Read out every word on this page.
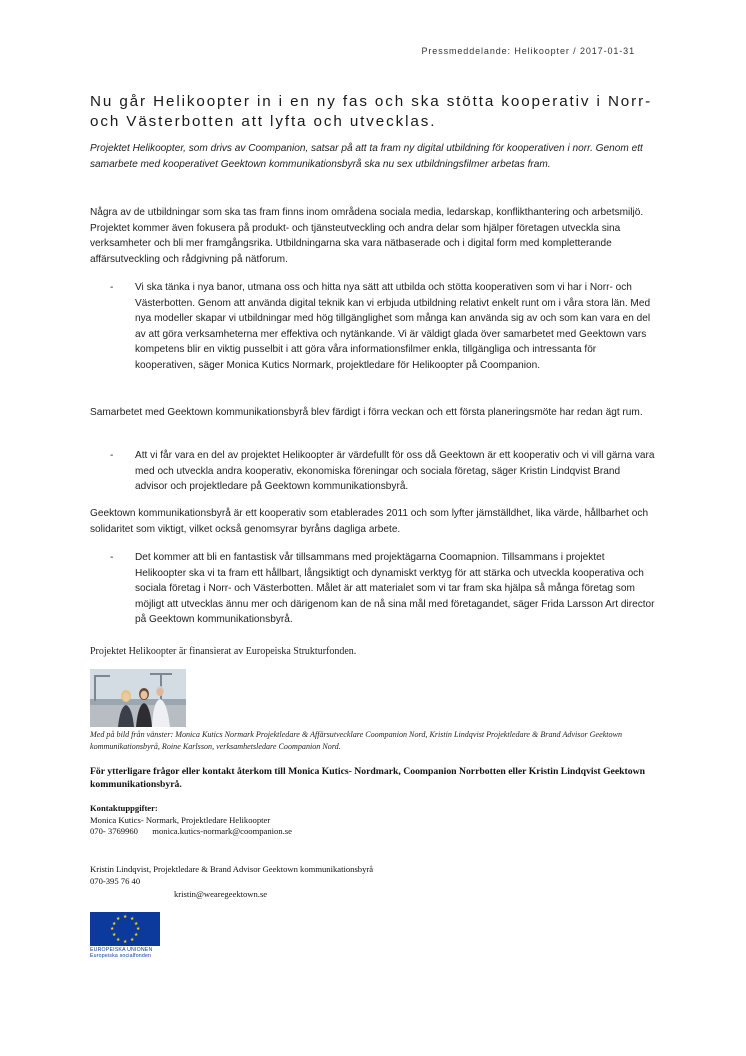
Pressmeddelande: Helikoopter / 2017-01-31
Nu går Helikoopter in i en ny fas och ska stötta kooperativ i Norr- och Västerbotten att lyfta och utvecklas.

Projektet Helikoopter, som drivs av Coompanion, satsar på att ta fram ny digital utbildning för kooperativen i norr. Genom ett samarbete med kooperativet Geektown kommunikationsbyrå ska nu sex utbildningsfilmer arbetas fram.

Några av de utbildningar som ska tas fram finns inom områdena sociala media, ledarskap, konflikthantering och arbetsmiljö. Projektet kommer även fokusera på produkt- och tjänsteutveckling och andra delar som hjälper företagen utveckla sina verksamheter och bli mer framgångsrika. Utbildningarna ska vara nätbaserade och i digital form med kompletterande affärsutveckling och rådgivning på nätforum.

- Vi ska tänka i nya banor, utmana oss och hitta nya sätt att utbilda och stötta kooperativen som vi har i Norr- och Västerbotten. Genom att använda digital teknik kan vi erbjuda utbildning relativt enkelt runt om i våra stora län. Med nya modeller skapar vi utbildningar med hög tillgänglighet som många kan använda sig av och som kan vara en del av att göra verksamheterna mer effektiva och nytänkande. Vi är väldigt glada över samarbetet med Geektown vars kompetens blir en viktig pusselbit i att göra våra informationsfilmer enkla, tillgängliga och intressanta för kooperativen, säger Monica Kutics Normark, projektledare för Helikoopter på Coompanion.

Samarbetet med Geektown kommunikationsbyrå blev färdigt i förra veckan och ett första planeringsmöte har redan ägt rum.

- Att vi får vara en del av projektet Helikoopter är värdefullt för oss då Geektown är ett kooperativ och vi vill gärna vara med och utveckla andra kooperativ, ekonomiska föreningar och sociala företag, säger Kristin Lindqvist Brand advisor och projektledare på Geektown kommunikationsbyrå.

Geektown kommunikationsbyrå är ett kooperativ som etablerades 2011 och som lyfter jämställdhet, lika värde, hållbarhet och solidaritet som viktigt, vilket också genomsyrar byråns dagliga arbete.

- Det kommer att bli en fantastisk vår tillsammans med projektägarna Coomapnion. Tillsammans i projektet Helikoopter ska vi ta fram ett hållbart, långsiktigt och dynamiskt verktyg för att stärka och utveckla kooperativa och sociala företag i Norr- och Västerbotten. Målet är att materialet som vi tar fram ska hjälpa så många företag som möjligt att utvecklas ännu mer och därigenom kan de nå sina mål med företagandet, säger Frida Larsson Art director på Geektown kommunikationsbyrå.

Projektet Helikoopter är finansierat av Europeiska Strukturfonden.
Med på bild från vänster: Monica Kutics Normark Projektledare & Affärsutvecklare Coompanion Nord, Kristin Lindqvist Projektledare & Brand Advisor Geektown kommunikationsbyrå, Roine Karlsson, verksamhetsledare Coompanion Nord.
För ytterligare frågor eller kontakt återkom till Monica Kutics- Nordmark, Coompanion Norrbotten eller Kristin Lindqvist Geektown kommunikationsbyrå.
Kontaktuppgifter:
Monica Kutics- Normark, Projektledare Helikoopter
070- 3769960 monica.kutics-normark@coompanion.se
Kristin Lindqvist, Projektledare & Brand Advisor Geektown kommunikationsbyrå
070-395 76 40
kristin@wearegeektown.se
★ ★
★
★
★
★
★
★
★
★
★
★
EUROPEISKA UNIONEN
Europeiska socialfonden
